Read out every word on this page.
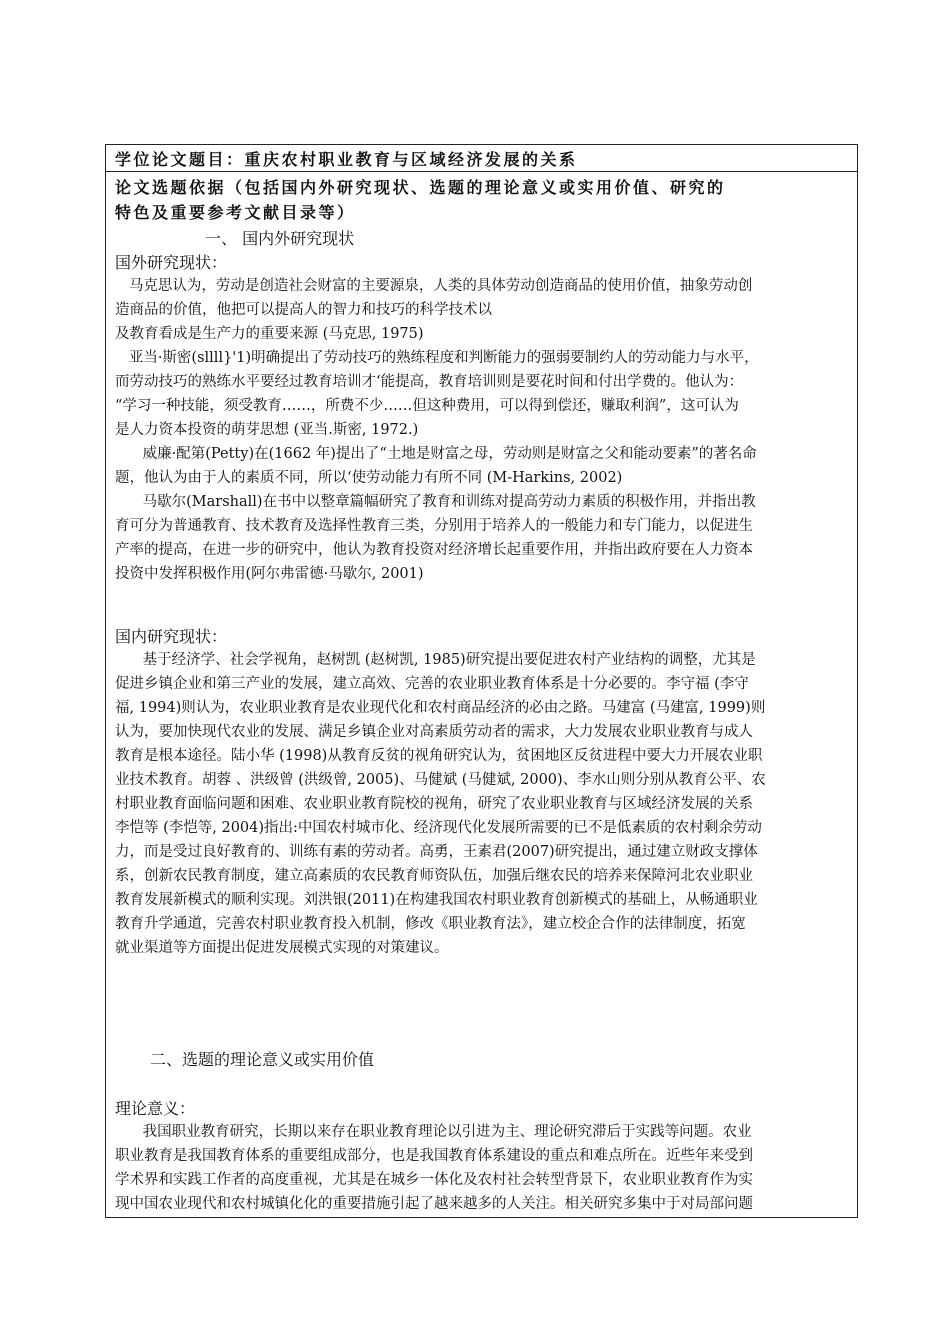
学位论文题目：重庆农村职业教育与区域经济发展的关系
论文选题依据（包括国内外研究现状、选题的理论意义或实用价值、研究的
特色及重要参考文献目录等）
一、 国内外研究现状
国外研究现状：
马克思认为，劳动是创造社会财富的主要源泉，人类的具体劳动创造商品的使用价值，抽象劳动创
造商品的价值，他把可以提高人的智力和技巧的科学技术以
及教育看成是生产力的重要来源 (马克思, 1975)
亚当·斯密(sllll}'1)明确提出了劳动技巧的熟练程度和判断能力的强弱要制约人的劳动能力与水平，
而劳动技巧的熟练水平要经过教育培训才‘能提高，教育培训则是要花时间和付出学费的。他认为：
“学习一种技能，须受教育……，所费不少……但这种费用，可以得到偿还，赚取利润”，这可认为
是人力资本投资的萌芽思想 (亚当.斯密, 1972.)
威廉·配第(Petty)在(1662 年)提出了“土地是财富之母，劳动则是财富之父和能动要素”的著名命
题，他认为由于人的素质不同，所以‘使劳动能力有所不同 (M-Harkins, 2002)
马歇尔(Marshall)在书中以整章篇幅研究了教育和训练对提高劳动力素质的积极作用，并指出教
育可分为普通教育、技术教育及选择性教育三类，分别用于培养人的一般能力和专门能力，以促进生
产率的提高，在进一步的研究中，他认为教育投资对经济增长起重要作用，并指出政府要在人力资本
投资中发挥积极作用(阿尔弗雷德·马歇尔, 2001)
国内研究现状：
基于经济学、社会学视角，赵树凯 (赵树凯, 1985)研究提出要促进农村产业结构的调整，尤其是
促进乡镇企业和第三产业的发展，建立高效、完善的农业职业教育体系是十分必要的。李守福 (李守
福, 1994)则认为，农业职业教育是农业现代化和农村商品经济的必由之路。马建富 (马建富, 1999)则
认为，要加快现代农业的发展、满足乡镇企业对高素质劳动者的需求，大力发展农业职业教育与成人
教育是根本途径。陆小华 (1998)从教育反贫的视角研究认为，贫困地区反贫进程中要大力开展农业职
业技术教育。胡蓉 、洪级曾 (洪级曾, 2005)、马健斌 (马健斌, 2000)、李水山则分别从教育公平、农
村职业教育面临问题和困难、农业职业教育院校的视角，研究了农业职业教育与区域经济发展的关系
李恺等 (李恺等, 2004)指出:中国农村城市化、经济现代化发展所需要的已不是低素质的农村剩余劳动
力，而是受过良好教育的、训练有素的劳动者。高勇，王素君(2007)研究提出，通过建立财政支撑体
系，创新农民教育制度，建立高素质的农民教育师资队伍，加强后继农民的培养来保障河北农业职业
教育发展新模式的顺利实现。刘洪银(2011)在构建我国农村职业教育创新模式的基础上，从畅通职业
教育升学通道，完善农村职业教育投入机制，修改《职业教育法》，建立校企合作的法律制度，拓宽
就业渠道等方面提出促进发展模式实现的对策建议。
二、选题的理论意义或实用价值
理论意义：
我国职业教育研究，长期以来存在职业教育理论以引进为主、理论研究滞后于实践等问题。农业
职业教育是我国教育体系的重要组成部分，也是我国教育体系建设的重点和难点所在。近些年来受到
学术界和实践工作者的高度重视，尤其是在城乡一体化及农村社会转型背景下，农业职业教育作为实
现中国农业现代和农村城镇化化的重要措施引起了越来越多的人关注。相关研究多集中于对局部问题
